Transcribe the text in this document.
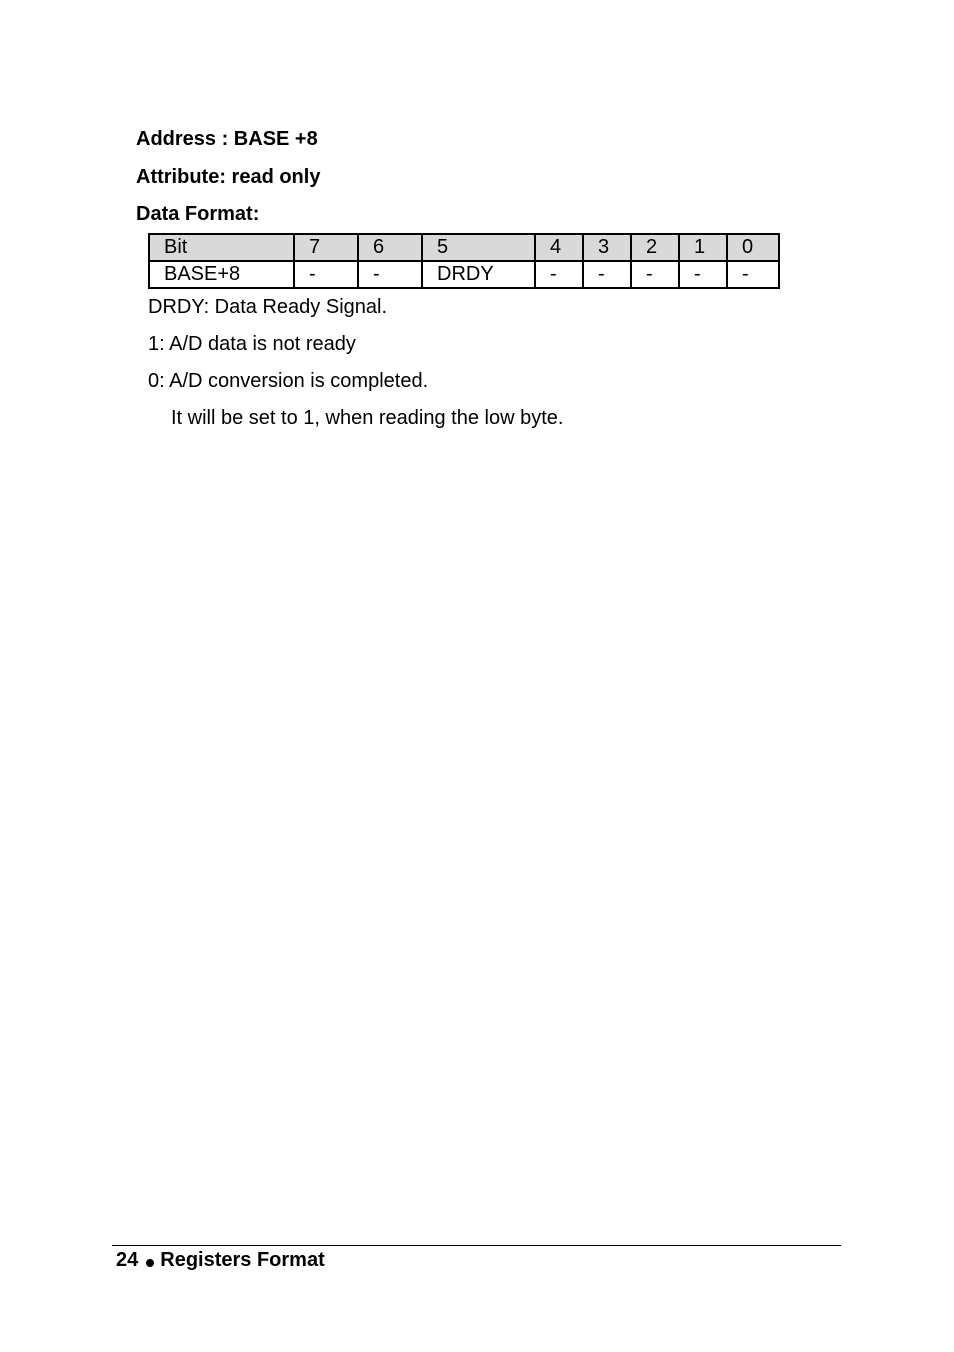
Address : BASE +8

Attribute: read only

Data Format:

Bit	7	6	5	4	3	2	1	0
BASE+8	-	-	DRDY	-	-	-	-	-

DRDY: Data Ready Signal.

1: A/D data is not ready

0: A/D conversion is completed.

It will be set to 1, when reading the low byte.

24 Registers Format
